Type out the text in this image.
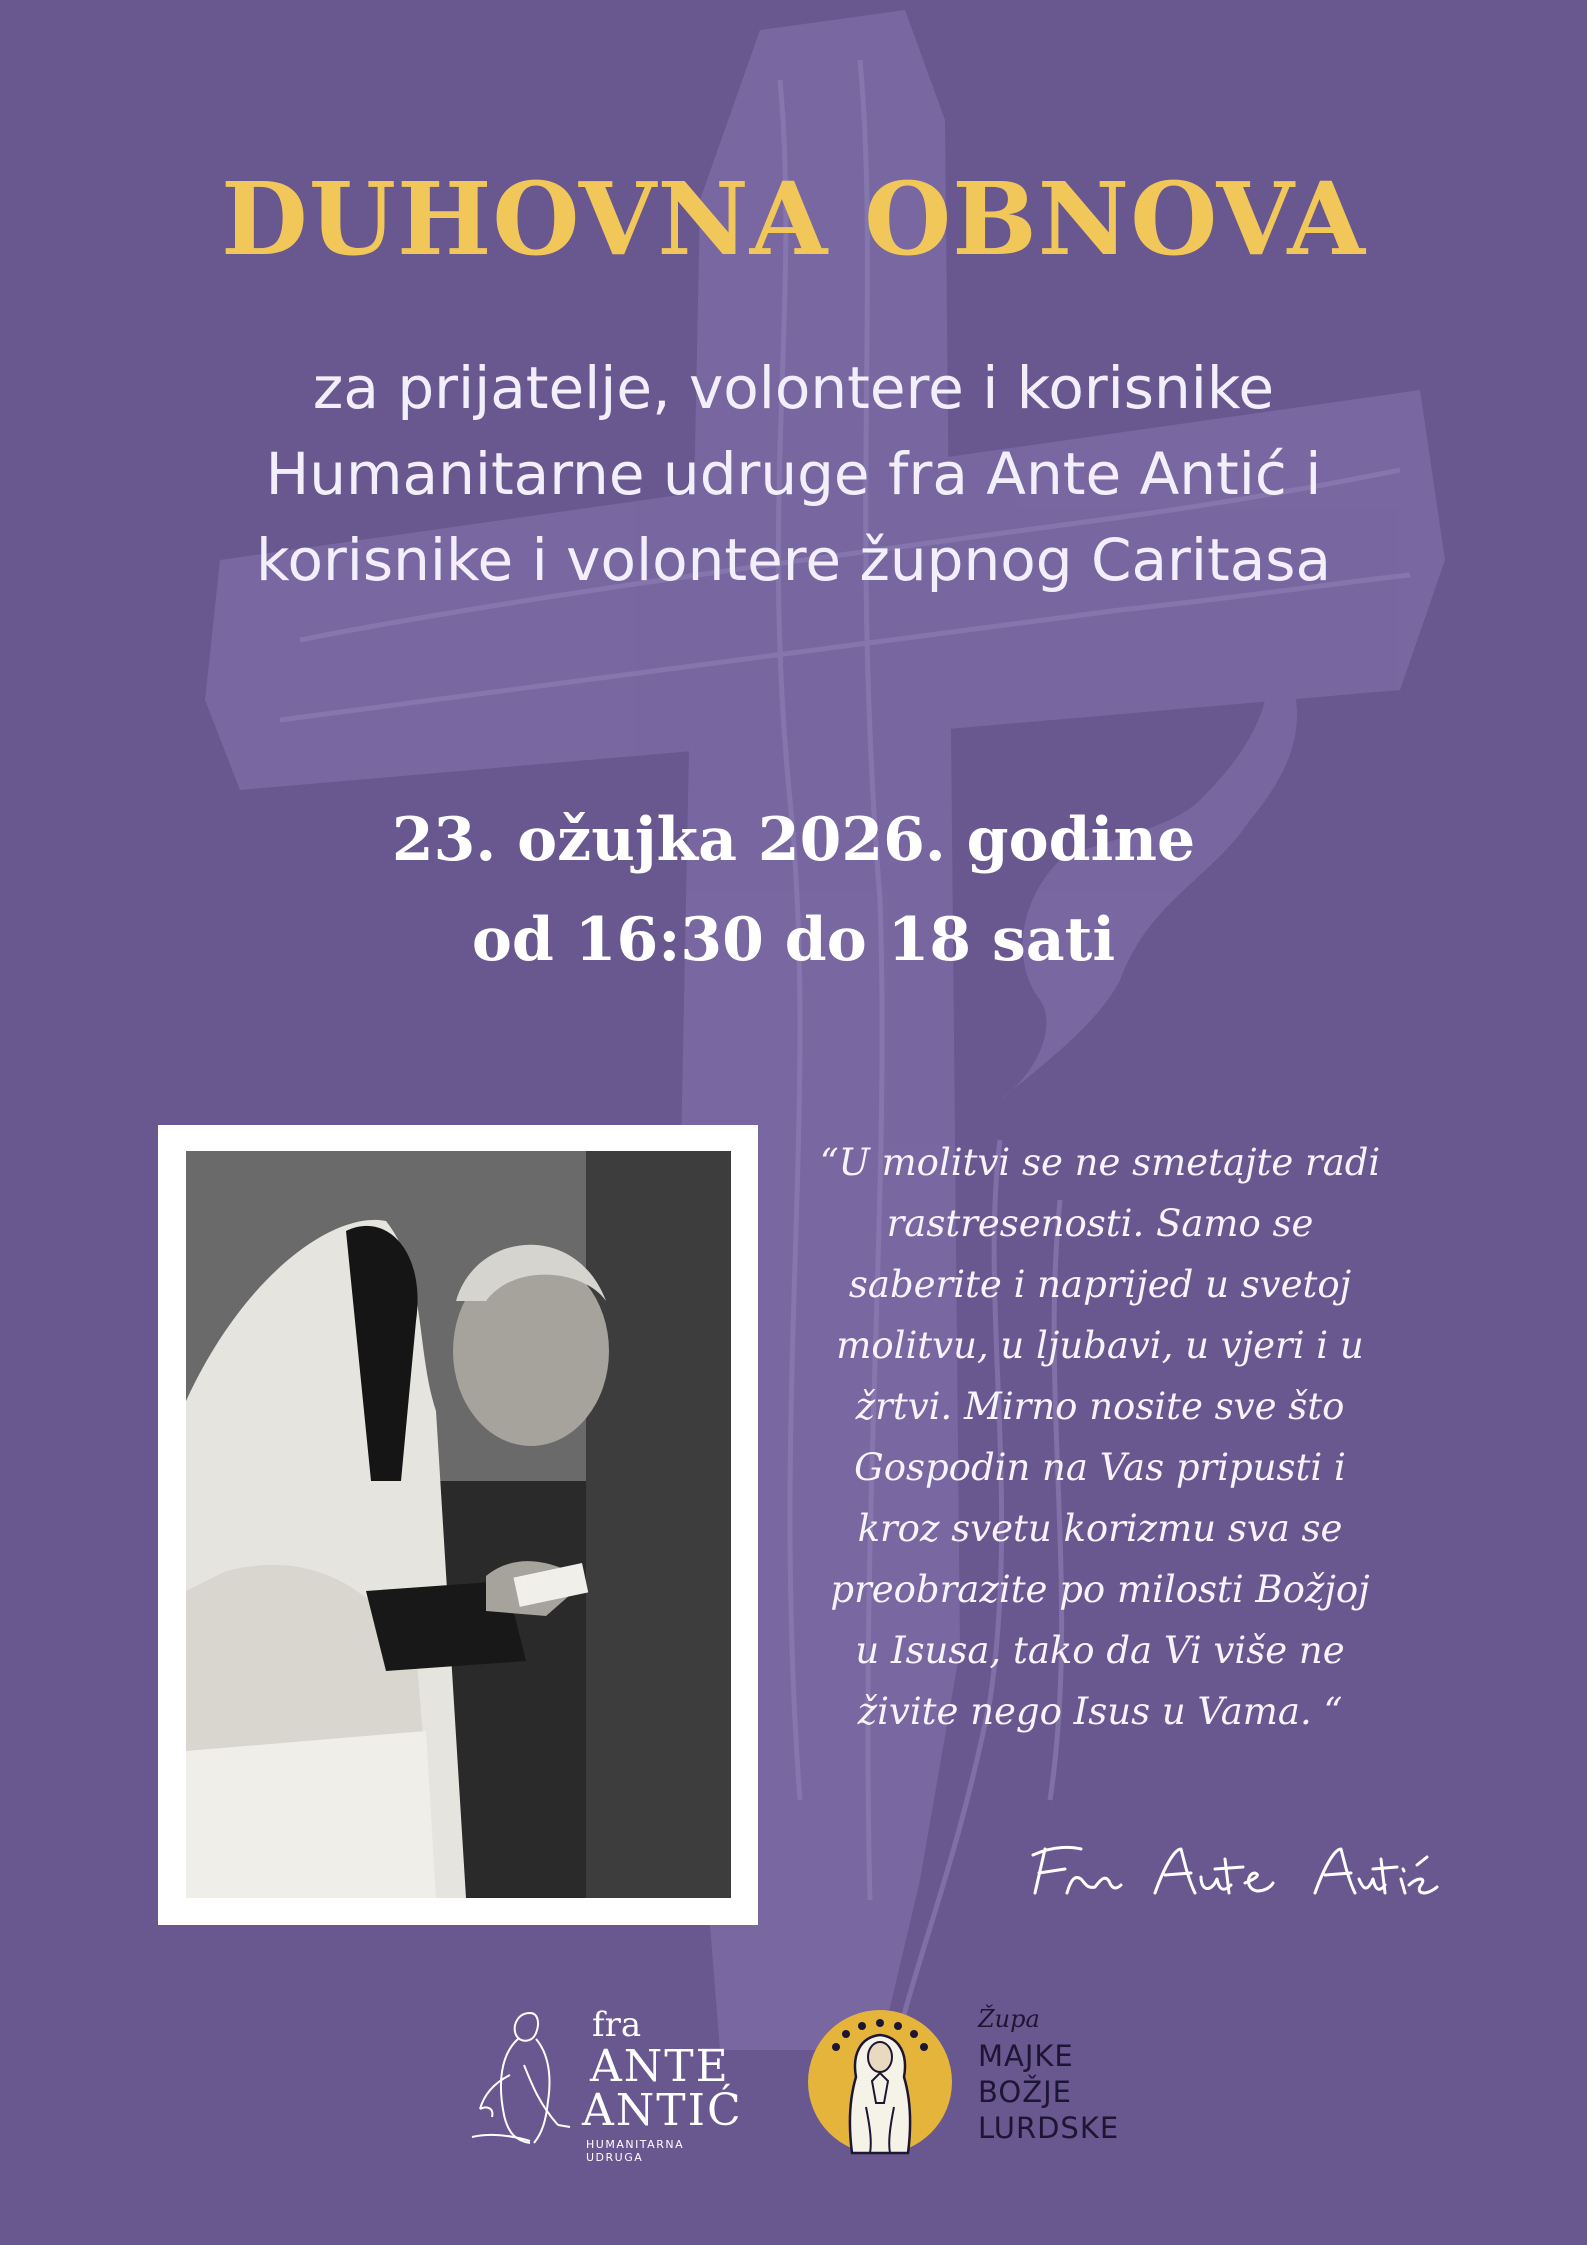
DUHOVNA OBNOVA
za prijatelje, volontere i korisnike
Humanitarne udruge fra Ante Antić i
korisnike i volontere župnog Caritasa
23. ožujka 2026. godine
od 16:30 do 18 sati

“U molitvi se ne smetajte radi
rastresenosti. Samo se
saberite i naprijed u svetoj
molitvu, u ljubavi, u vjeri i u
žrtvi. Mirno nosite sve što
Gospodin na Vas pripusti i
kroz svetu korizmu sva se
preobrazite po milosti Božjoj
u Isusa, tako da Vi više ne
živite nego Isus u Vama. “

fra
ANTE
ANTIĆ
HUMANITARNA UDRUGA
Župa
MAJKE
BOŽJE
LURDSKE
